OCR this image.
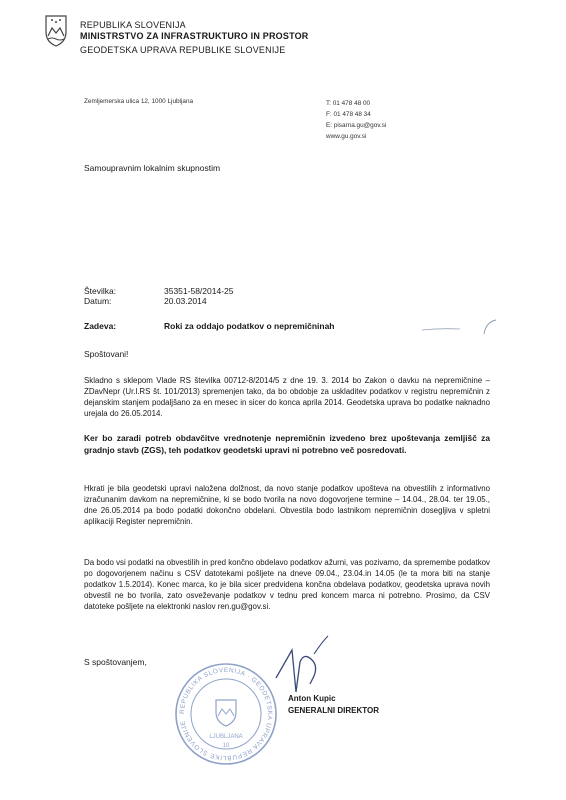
REPUBLIKA SLOVENIJA
MINISTRSTVO ZA INFRASTRUKTURO IN PROSTOR
GEODETSKA UPRAVA REPUBLIKE SLOVENIJE
Zemljemerska ulica 12, 1000 Ljubljana	T: 01 478 48 00
F: 01 478 48 34
E: pisarna.gu@gov.si
www.gu.gov.si
Samoupravnim lokalnim skupnostim
Številka:	35351-58/2014-25
Datum:	20.03.2014
Zadeva:	Roki za oddajo podatkov o nepremičninah
Spoštovani!
Skladno s sklepom Vlade RS številka 00712-8/2014/5 z dne 19. 3. 2014 bo Zakon o davku na nepremičnine – ZDavNepr (Ur.l.RS št. 101/2013) spremenjen tako, da bo obdobje za uskladitev podatkov v registru nepremičnin z dejanskim stanjem podaljšano za en mesec in sicer do konca aprila 2014. Geodetska uprava bo podatke naknadno urejala do 26.05.2014.
Ker bo zaradi potreb obdavčitve vrednotenje nepremičnin izvedeno brez upoštevanja zemljišč za gradnjo stavb (ZGS), teh podatkov geodetski upravi ni potrebno več posredovati.
Hkrati je bila geodetski upravi naložena dolžnost, da novo stanje podatkov upošteva na obvestilih z informativno izračunanim davkom na nepremičnine, ki se bodo tvorila na novo dogovorjene termine – 14.04., 28.04. ter 19.05., dne 26.05.2014 pa bodo podatki dokončno obdelani. Obvestila bodo lastnikom nepremičnin dosegljiva v spletni aplikaciji Register nepremičnin.
Da bodo vsi podatki na obvestilih in pred končno obdelavo podatkov ažurni, vas pozivamo, da spremembe podatkov po dogovorjenem načinu s CSV datotekami pošljete na dneve 09.04., 23.04.in 14.05 (le ta mora biti na stanje podatkov 1.5.2014). Konec marca, ko je bila sicer predvidena končna obdelava podatkov, geodetska uprava novih obvestil ne bo tvorila, zato osveževanje podatkov v tednu pred koncem marca ni potrebno. Prosimo, da CSV datoteke pošljete na elektronki naslov ren.gu@gov.si.
S spoštovanjem,
REPUBLIKA SLOVENIJA · GEODETSKA UPRAVA REPUBLIKE SLOVENIJE
LJUBLJANA
10
Anton Kupic
GENERALNI DIREKTOR
